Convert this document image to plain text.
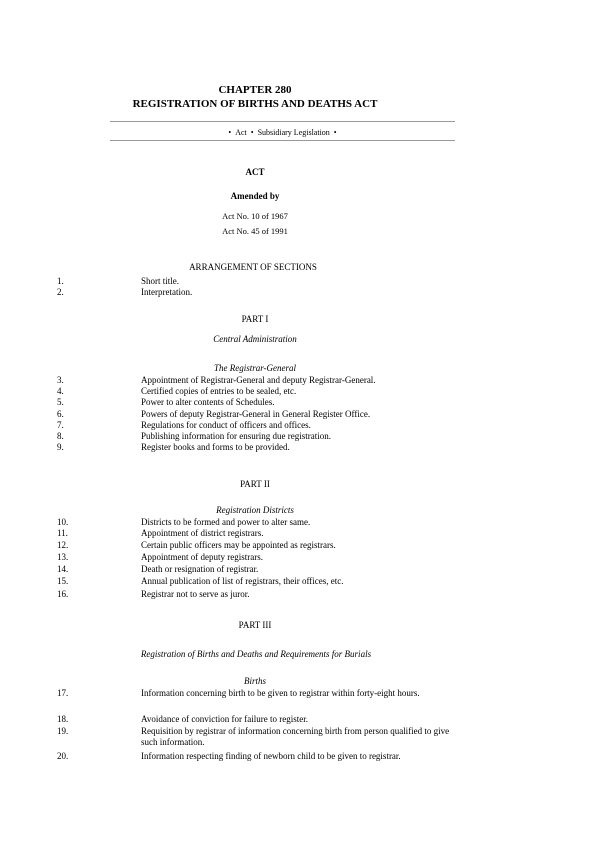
CHAPTER 280
REGISTRATION OF BIRTHS AND DEATHS ACT
• Act • Subsidiary Legislation •
ACT
Amended by
Act No. 10 of 1967
Act No. 45 of 1991
ARRANGEMENT OF SECTIONS
1.	Short title.
2.	Interpretation.
PART I
Central Administration
The Registrar-General
3.	Appointment of Registrar-General and deputy Registrar-General.
4.	Certified copies of entries to be sealed, etc.
5.	Power to alter contents of Schedules.
6.	Powers of deputy Registrar-General in General Register Office.
7.	Regulations for conduct of officers and offices.
8.	Publishing information for ensuring due registration.
9.	Register books and forms to be provided.
PART II
Registration Districts
10.	Districts to be formed and power to alter same.
11.	Appointment of district registrars.
12.	Certain public officers may be appointed as registrars.
13.	Appointment of deputy registrars.
14.	Death or resignation of registrar.
15.	Annual publication of list of registrars, their offices, etc.
16.	Registrar not to serve as juror.
PART III
Registration of Births and Deaths and Requirements for Burials
Births
17.	Information concerning birth to be given to registrar within forty-eight hours.
18.	Avoidance of conviction for failure to register.
19.	Requisition by registrar of information concerning birth from person qualified to give such information.
20.	Information respecting finding of newborn child to be given to registrar.
